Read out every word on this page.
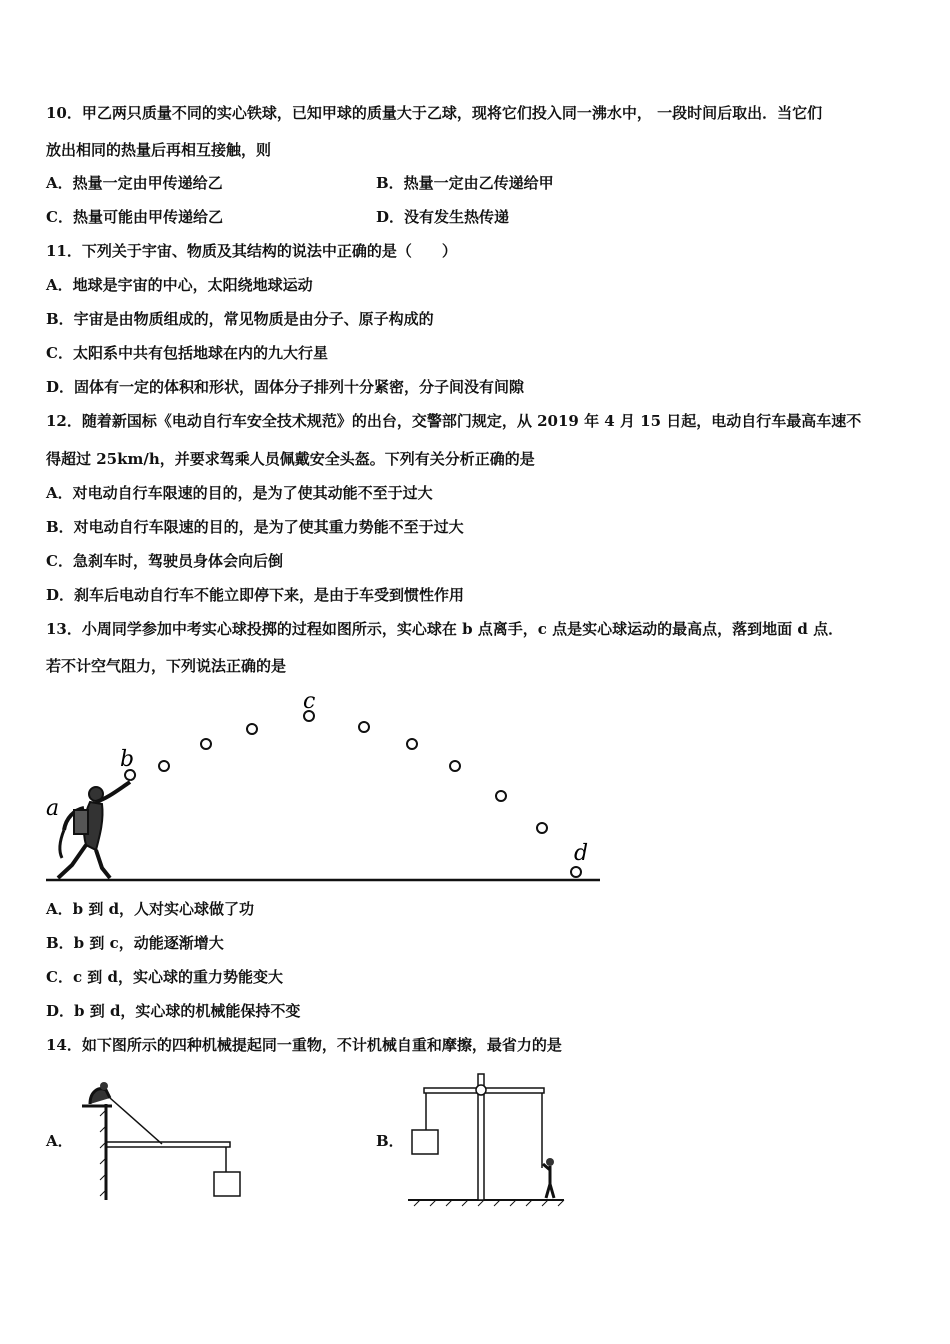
10．甲乙两只质量不同的实心铁球，已知甲球的质量大于乙球，现将它们投入同一沸水中， 一段时间后取出．当它们
放出相同的热量后再相互接触，则
A．热量一定由甲传递给乙	B．热量一定由乙传递给甲
C．热量可能由甲传递给乙	D．没有发生热传递
11．下列关于宇宙、物质及其结构的说法中正确的是（　　）
A．地球是宇宙的中心，太阳绕地球运动
B．宇宙是由物质组成的，常见物质是由分子、原子构成的
C．太阳系中共有包括地球在内的九大行星
D．固体有一定的体积和形状，固体分子排列十分紧密，分子间没有间隙
12．随着新国标《电动自行车安全技术规范》的出台，交警部门规定，从 2019 年 4 月 15 日起，电动自行车最高车速不
得超过 25km/h，并要求驾乘人员佩戴安全头盔。下列有关分析正确的是
A．对电动自行车限速的目的，是为了使其动能不至于过大
B．对电动自行车限速的目的，是为了使其重力势能不至于过大
C．急刹车时，驾驶员身体会向后倒
D．刹车后电动自行车不能立即停下来，是由于车受到惯性作用
13．小周同学参加中考实心球投掷的过程如图所示，实心球在 b 点离手，c 点是实心球运动的最高点，落到地面 d 点．
若不计空气阻力，下列说法正确的是
a
b
c
d
A．b 到 d，人对实心球做了功
B．b 到 c，动能逐渐增大
C．c 到 d，实心球的重力势能变大
D．b 到 d，实心球的机械能保持不变
14．如下图所示的四种机械提起同一重物，不计机械自重和摩擦，最省力的是
A．	B．
